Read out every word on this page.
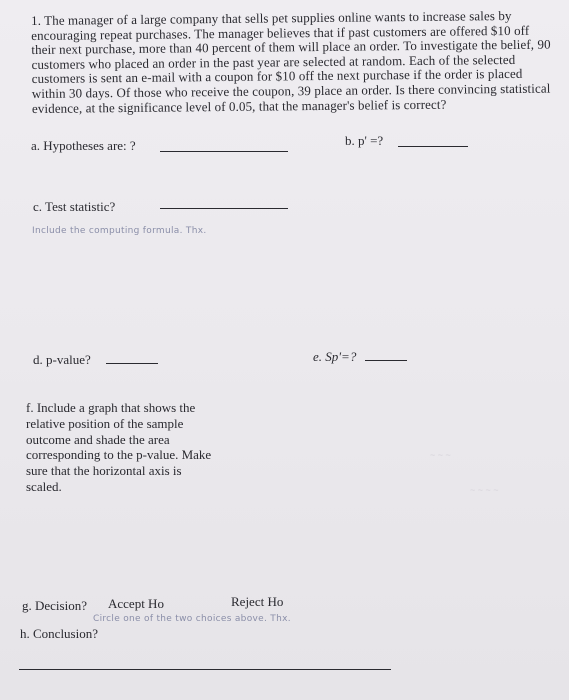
1. The manager of a large company that sells pet supplies online wants to increase sales by encouraging repeat purchases. The manager believes that if past customers are offered $10 off their next purchase, more than 40 percent of them will place an order. To investigate the belief, 90 customers who placed an order in the past year are selected at random. Each of the selected customers is sent an e-mail with a coupon for $10 off the next purchase if the order is placed within 30 days. Of those who receive the coupon, 39 place an order. Is there convincing statistical evidence, at the significance level of 0.05, that the manager's belief is correct?
a. Hypotheses are: ?	b. p' =?
c. Test statistic?
Include the computing formula. Thx.
d. p-value?	e. Sp'=?
f. Include a graph that shows the relative position of the sample outcome and shade the area corresponding to the p-value. Make sure that the horizontal axis is scaled.
~ ~ ~
~ ~ ~ ~
g. Decision? Accept Ho	Reject Ho
Circle one of the two choices above. Thx.
h. Conclusion?
